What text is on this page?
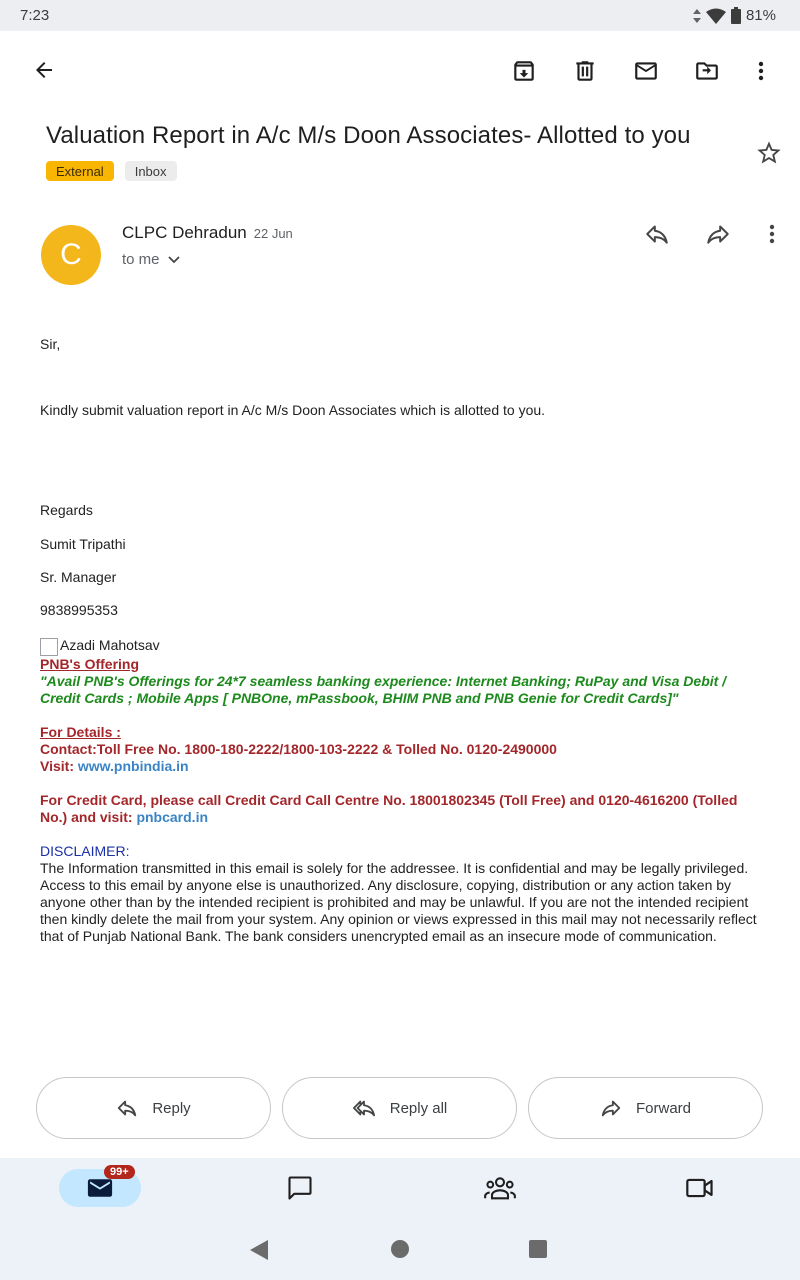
7:23	81%
Valuation Report in A/c M/s Doon Associates- Allotted to you
External	Inbox
C
CLPC Dehradun 22 Jun
to me

Sir,

Kindly submit valuation report in A/c M/s Doon Associates which is allotted to you.

Regards

Sumit Tripathi

Sr. Manager

9838995353

Azadi Mahotsav
PNB's Offering
"Avail PNB's Offerings for 24*7 seamless banking experience: Internet Banking; RuPay and Visa Debit / Credit Cards ; Mobile Apps [ PNBOne, mPassbook, BHIM PNB and PNB Genie for Credit Cards]"
For Details :
Contact:Toll Free No. 1800-180-2222/1800-103-2222 & Tolled No. 0120-2490000
Visit: www.pnbindia.in
For Credit Card, please call Credit Card Call Centre No. 18001802345 (Toll Free) and 0120-4616200 (Tolled No.) and visit: pnbcard.in
DISCLAIMER:
The Information transmitted in this email is solely for the addressee. It is confidential and may be legally privileged. Access to this email by anyone else is unauthorized. Any disclosure, copying, distribution or any action taken by anyone other than by the intended recipient is prohibited and may be unlawful. If you are not the intended recipient then kindly delete the mail from your system. Any opinion or views expressed in this mail may not necessarily reflect that of Punjab National Bank. The bank considers unencrypted email as an insecure mode of communication.
Reply	Reply all	Forward
99+
